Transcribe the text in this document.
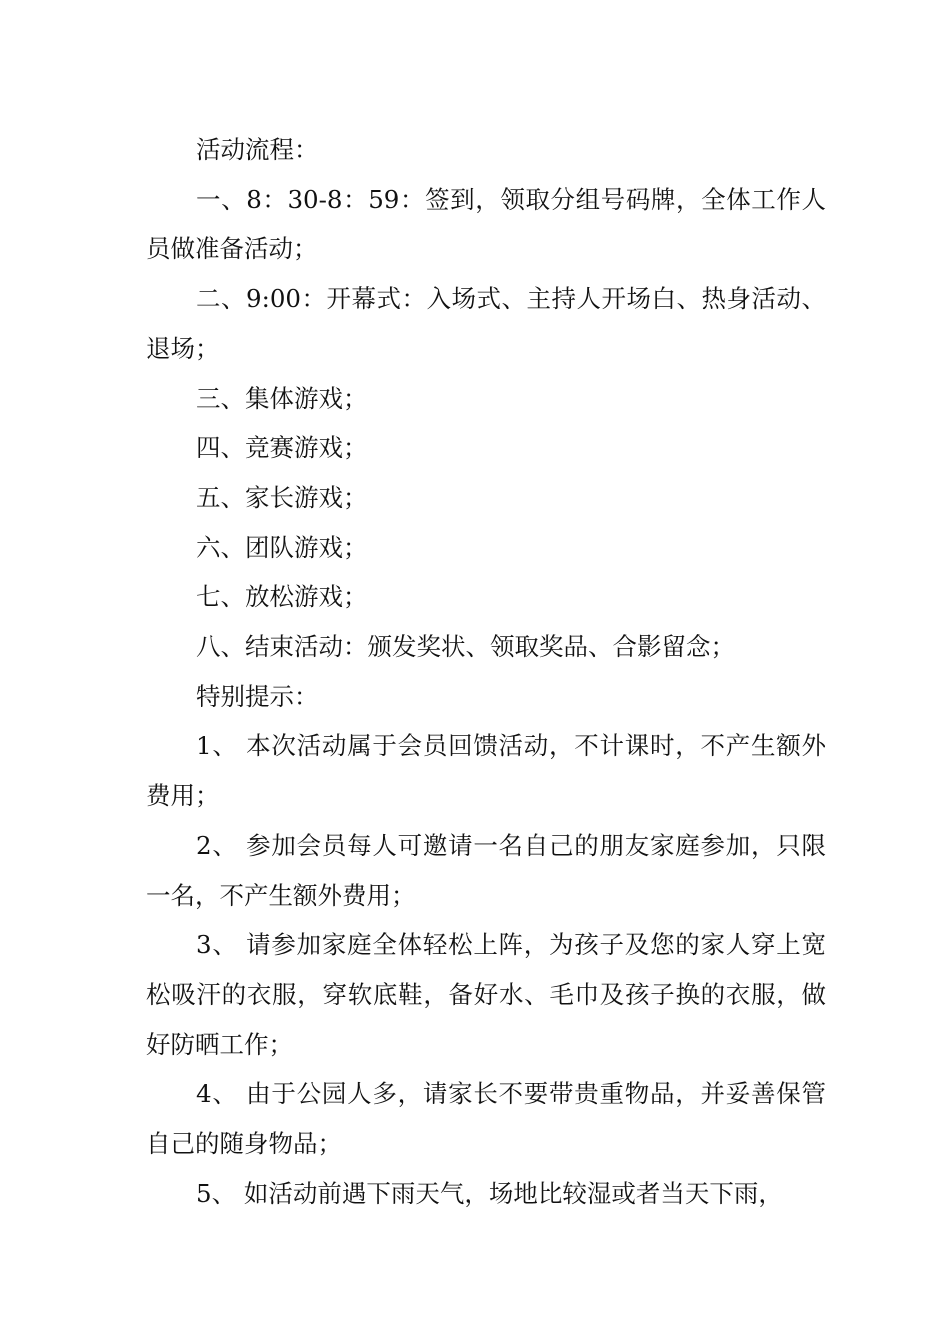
活动流程：

一、8：30-8：59：签到，领取分组号码牌，全体工作人员做准备活动；

二、9:00：开幕式：入场式、主持人开场白、热身活动、退场；

三、集体游戏；

四、竞赛游戏；

五、家长游戏；

六、团队游戏；

七、放松游戏；

八、结束活动：颁发奖状、领取奖品、合影留念；

特别提示：

1、 本次活动属于会员回馈活动，不计课时，不产生额外费用；

2、 参加会员每人可邀请一名自己的朋友家庭参加，只限一名，不产生额外费用；

3、 请参加家庭全体轻松上阵，为孩子及您的家人穿上宽松吸汗的衣服，穿软底鞋，备好水、毛巾及孩子换的衣服，做好防晒工作；

4、 由于公园人多，请家长不要带贵重物品，并妥善保管自己的随身物品；

5、 如活动前遇下雨天气，场地比较湿或者当天下雨，
